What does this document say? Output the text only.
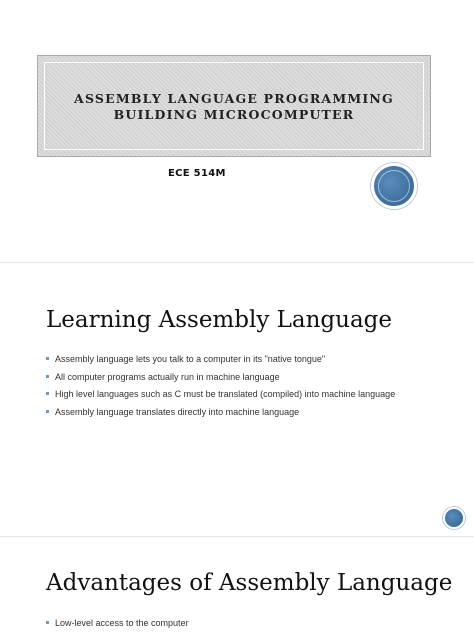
ASSEMBLY LANGUAGE PROGRAMMING
BUILDING MICROCOMPUTER
ECE 514M
Learning Assembly Language
Assembly language lets you talk to a computer in its "native tongue"
All computer programs actually run in machine language
High level languages such as C must be translated (compiled) into machine language
Assembly language translates directly into machine language
Advantages of Assembly Language
Low-level access to the computer
